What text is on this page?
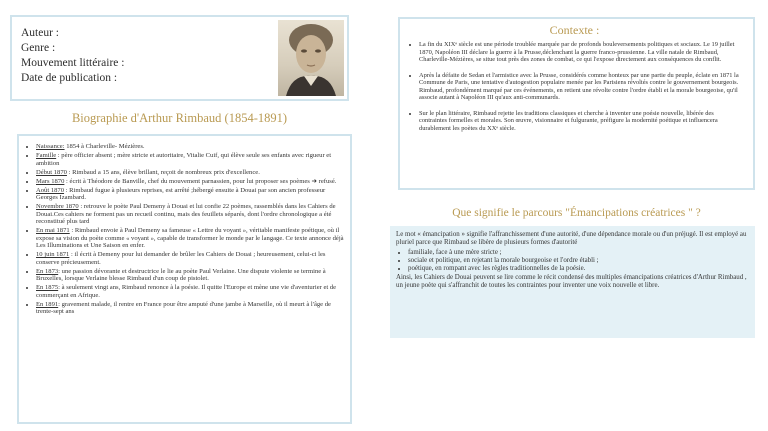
Auteur :
Genre :
Mouvement littéraire :
Date de publication :
Biographie d'Arthur Rimbaud (1854-1891)
• Naissance: 1854 à Charleville- Mézières.
• Famille : père officier absent ; mère stricte et autoritaire, Vitalie Cuif, qui élève seule ses enfants avec rigueur et ambition
• Début 1870 : Rimbaud a 15 ans, élève brillant, reçoit de nombreux prix d'excellence.
• Mars 1870 : écrit à Théodore de Banville, chef du mouvement parnassien, pour lui proposer ses poèmes ➜ refusé.
• Août 1870 : Rimbaud fugue à plusieurs reprises, est arrêté ;hébergé ensuite à Douai par son ancien professeur Georges Izambard.
• Novembre 1870 : retrouve le poète Paul Demeny à Douai et lui confie 22 poèmes, rassemblés dans les Cahiers de Douai.Ces cahiers ne forment pas un recueil continu, mais des feuillets séparés, dont l'ordre chronologique a été reconstitué plus tard
• En mai 1871 : Rimbaud envoie à Paul Demeny sa fameuse « Lettre du voyant », véritable manifeste poétique, où il expose sa vision du poète comme « voyant », capable de transformer le monde par le langage. Ce texte annonce déjà Les Illuminations et Une Saison en enfer.
• 10 juin 1871 : il écrit à Demeny pour lui demander de brûler les Cahiers de Douai ; heureusement, celui-ci les conserve précieusement.
• En 1873: une passion dévorante et destructrice le lie au poète Paul Verlaine. Une dispute violente se termine à Bruxelles, lorsque Verlaine blesse Rimbaud d'un coup de pistolet.
• En 1875: à seulement vingt ans, Rimbaud renonce à la poésie. Il quitte l'Europe et mène une vie d'aventurier et de commerçant en Afrique.
• En 1891: gravement malade, il rentre en France pour être amputé d'une jambe à Marseille, où il meurt à l'âge de trente-sept ans
Contexte :
• La fin du XIXᵉ siècle est une période troublée marquée par de profonds bouleversements politiques et sociaux. Le 19 juillet 1870, Napoléon III déclare la guerre à la Prusse,déclenchant la guerre franco-prussienne. La ville natale de Rimbaud, Charleville-Mézières, se situe tout près des zones de combat, ce qui l'expose directement aux conséquences du conflit.
• Après la défaite de Sedan et l'armistice avec la Prusse, considérés comme honteux par une partie du peuple, éclate en 1871 la Commune de Paris, une tentative d'autogestion populaire menée par les Parisiens révoltés contre le gouvernement bourgeois. Rimbaud, profondément marqué par ces événements, en retient une révolte contre l'ordre établi et la morale bourgeoise, qu'il associe autant à Napoléon III qu'aux anti-communards.
• Sur le plan littéraire, Rimbaud rejette les traditions classiques et cherche à inventer une poésie nouvelle, libérée des contraintes formelles et morales. Son œuvre, visionnaire et fulgurante, préfigure la modernité poétique et influencera durablement les poètes du XXᵉ siècle.
Que signifie le parcours "Émancipations créatrices " ?
Le mot « émancipation » signifie l'affranchissement d'une autorité, d'une dépendance morale ou d'un préjugé. Il est employé au pluriel parce que Rimbaud se libère de plusieurs formes d'autorité
• familiale, face à une mère stricte ;
• sociale et politique, en rejetant la morale bourgeoise et l'ordre établi ;
• poétique, en rompant avec les règles traditionnelles de la poésie.
Ainsi, les Cahiers de Douai peuvent se lire comme le récit condensé des multiples émancipations créatrices d'Arthur Rimbaud , un jeune poète qui s'affranchit de toutes les contraintes pour inventer une voix nouvelle et libre.
